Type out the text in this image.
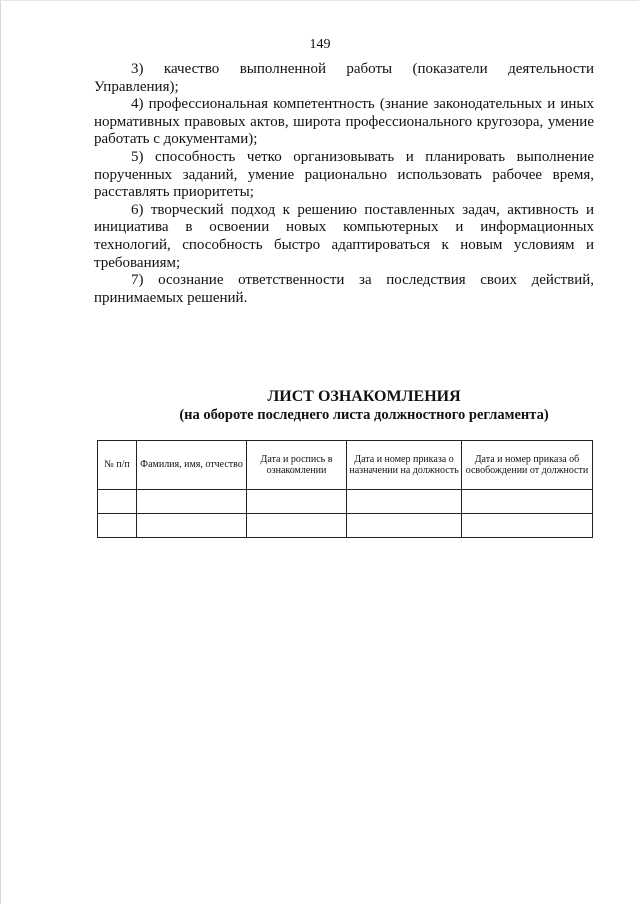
149

3) качество выполненной работы (показатели деятельности Управления);

4) профессиональная компетентность (знание законодательных и иных нормативных правовых актов, широта профессионального кругозора, умение работать с документами);

5) способность четко организовывать и планировать выполнение порученных заданий, умение рационально использовать рабочее время, расставлять приоритеты;

6) творческий подход к решению поставленных задач, активность и инициатива в освоении новых компьютерных и информационных технологий, способность быстро адаптироваться к новым условиям и требованиям;

7) осознание ответственности за последствия своих действий, принимаемых решений.

ЛИСТ ОЗНАКОМЛЕНИЯ
(на обороте последнего листа должностного регламента)
№ п/п	Фамилия, имя, отчество	Дата и роспись в ознакомлении	Дата и номер приказа о назначении на должность	Дата и номер приказа об освобождении от должности
